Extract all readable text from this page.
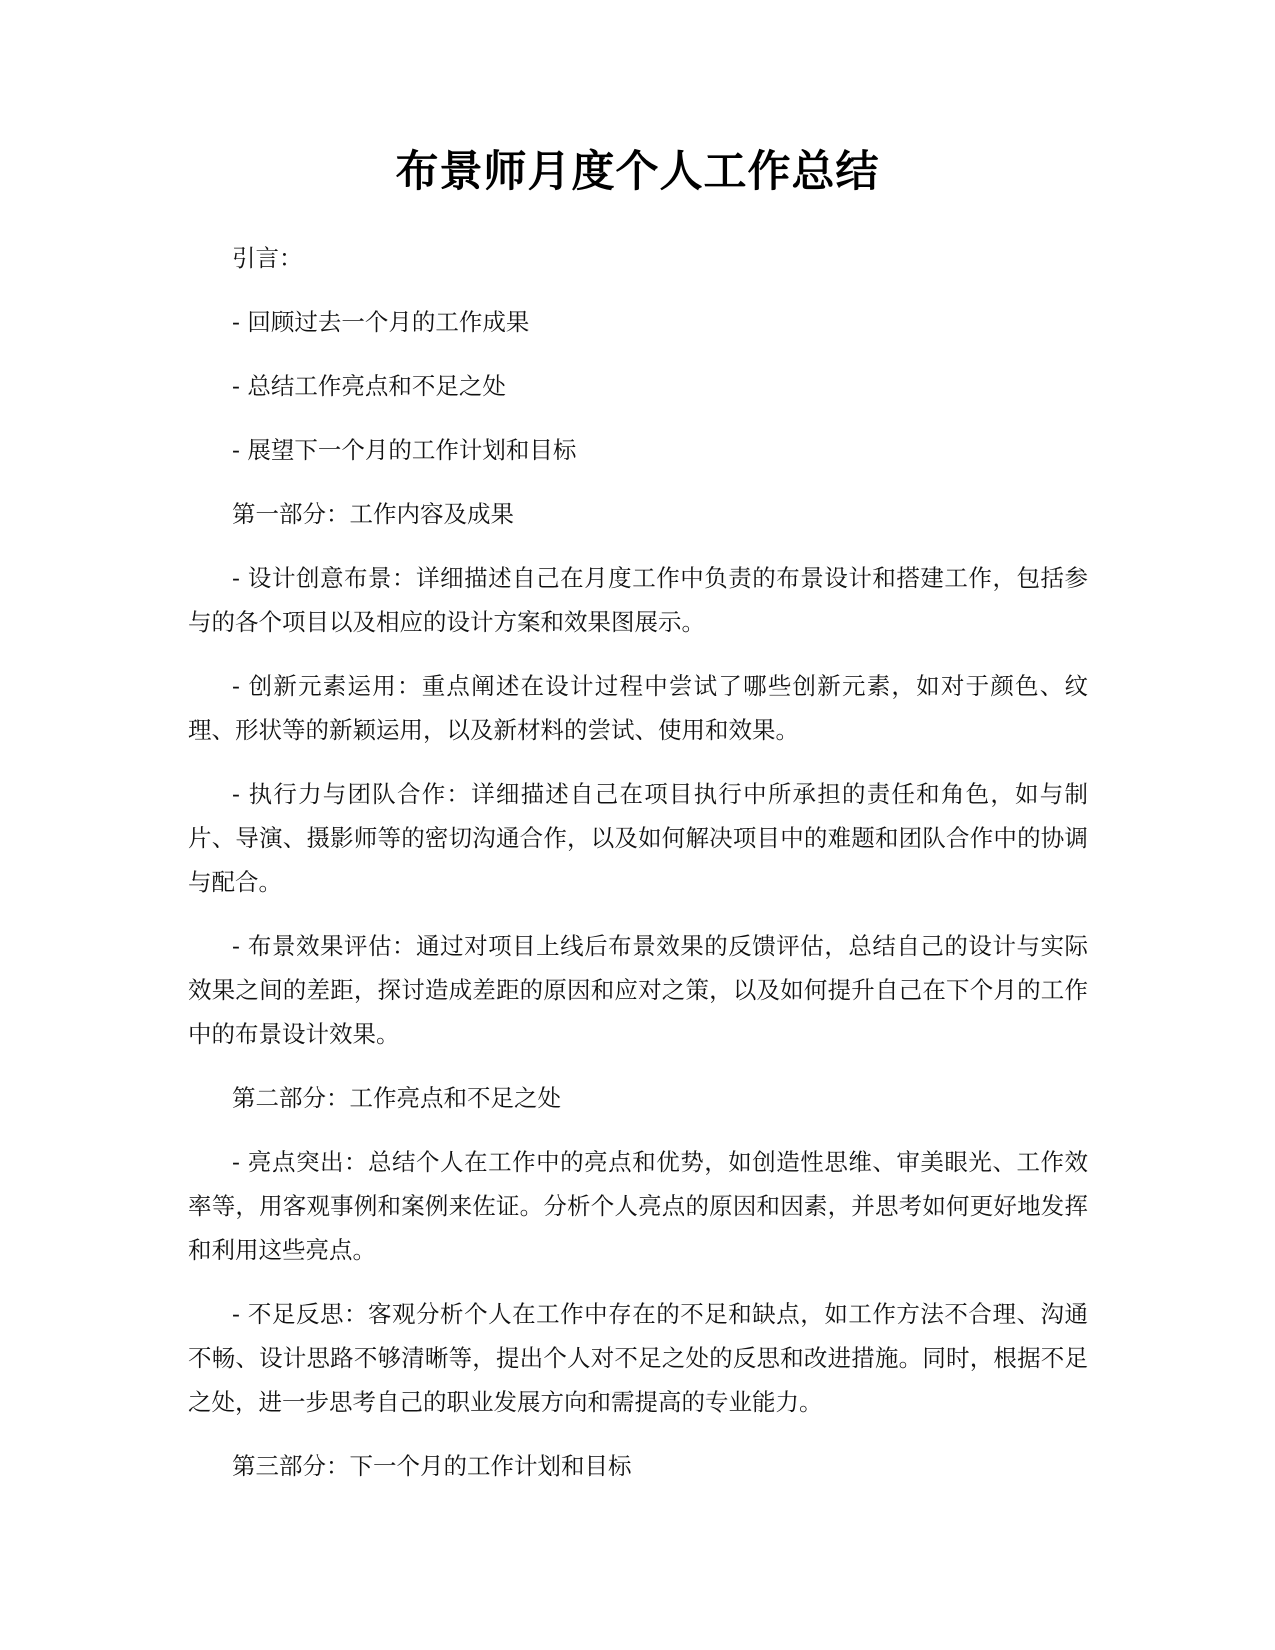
布景师月度个人工作总结

引言：

- 回顾过去一个月的工作成果

- 总结工作亮点和不足之处

- 展望下一个月的工作计划和目标

第一部分：工作内容及成果

- 设计创意布景：详细描述自己在月度工作中负责的布景设计和搭建工作，包括参与的各个项目以及相应的设计方案和效果图展示。

- 创新元素运用：重点阐述在设计过程中尝试了哪些创新元素，如对于颜色、纹理、形状等的新颖运用，以及新材料的尝试、使用和效果。

- 执行力与团队合作：详细描述自己在项目执行中所承担的责任和角色，如与制片、导演、摄影师等的密切沟通合作，以及如何解决项目中的难题和团队合作中的协调与配合。

- 布景效果评估：通过对项目上线后布景效果的反馈评估，总结自己的设计与实际效果之间的差距，探讨造成差距的原因和应对之策，以及如何提升自己在下个月的工作中的布景设计效果。

第二部分：工作亮点和不足之处

- 亮点突出：总结个人在工作中的亮点和优势，如创造性思维、审美眼光、工作效率等，用客观事例和案例来佐证。分析个人亮点的原因和因素，并思考如何更好地发挥和利用这些亮点。

- 不足反思：客观分析个人在工作中存在的不足和缺点，如工作方法不合理、沟通不畅、设计思路不够清晰等，提出个人对不足之处的反思和改进措施。同时，根据不足之处，进一步思考自己的职业发展方向和需提高的专业能力。

第三部分：下一个月的工作计划和目标
